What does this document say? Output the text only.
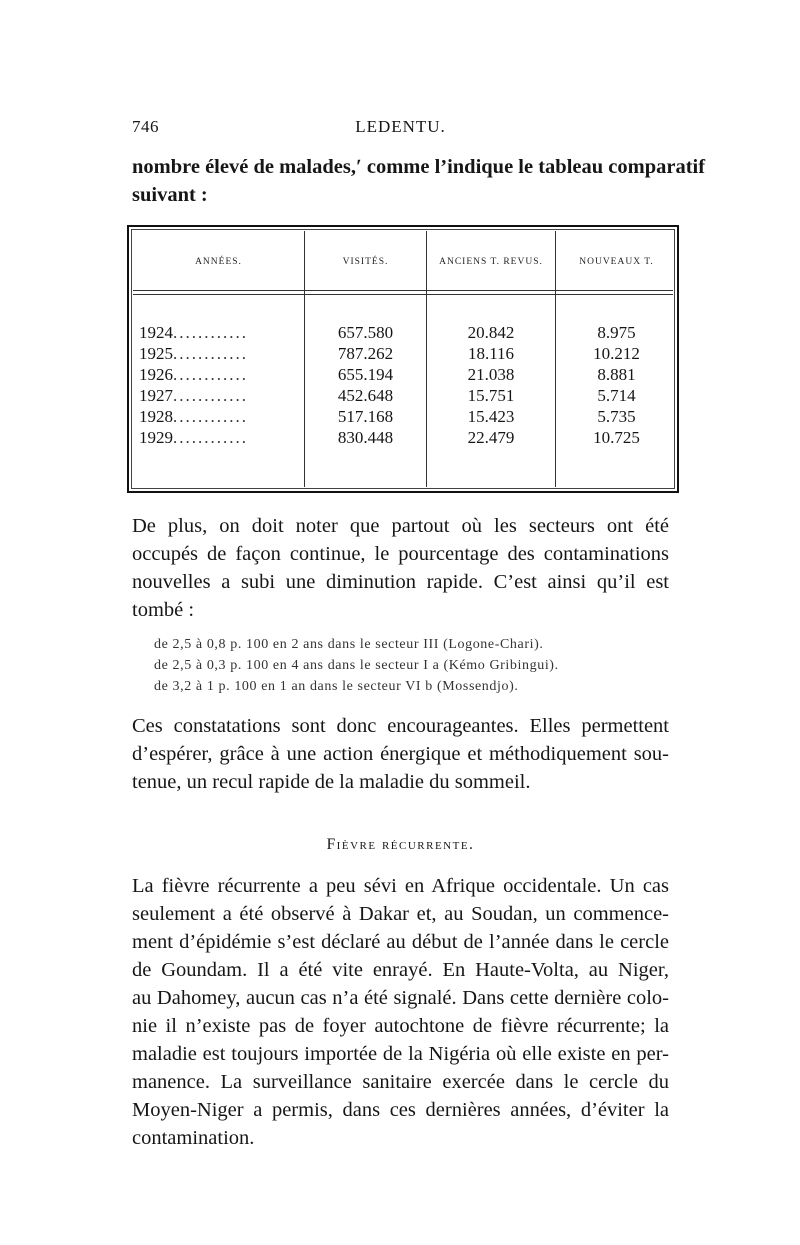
746	LEDENTU.
nombre élevé de malades,ʹ comme l’indique le tableau comparatif
suivant :
ANNÉES.	VISITÉS.	ANCIENS T. REVUS.	NOUVEAUX T.
1924............	657.580	20.842	8.975
1925............	787.262	18.116	10.212
1926............	655.194	21.038	8.881
1927............	452.648	15.751	5.714
1928............	517.168	15.423	5.735
1929............	830.448	22.479	10.725
De plus, on doit noter que partout où les secteurs ont été
occupés de façon continue, le pourcentage des contaminations
nouvelles a subi une diminution rapide. C’est ainsi qu’il est
tombé :
de 2,5 à 0,8 p. 100 en 2 ans dans le secteur III (Logone-Chari).
de 2,5 à 0,3 p. 100 en 4 ans dans le secteur I a (Kémo Gribingui).
de 3,2 à 1 p. 100 en 1 an dans le secteur VI b (Mossendjo).
Ces constatations sont donc encourageantes. Elles permettent
d’espérer, grâce à une action énergique et méthodiquement sou-
tenue, un recul rapide de la maladie du sommeil.
Fièvre récurrente.
La fièvre récurrente a peu sévi en Afrique occidentale. Un cas
seulement a été observé à Dakar et, au Soudan, un commence-
ment d’épidémie s’est déclaré au début de l’année dans le cercle
de Goundam. Il a été vite enrayé. En Haute-Volta, au Niger,
au Dahomey, aucun cas n’a été signalé. Dans cette dernière colo-
nie il n’existe pas de foyer autochtone de fièvre récurrente; la
maladie est toujours importée de la Nigéria où elle existe en per-
manence. La surveillance sanitaire exercée dans le cercle du
Moyen-Niger a permis, dans ces dernières années, d’éviter la
contamination.
